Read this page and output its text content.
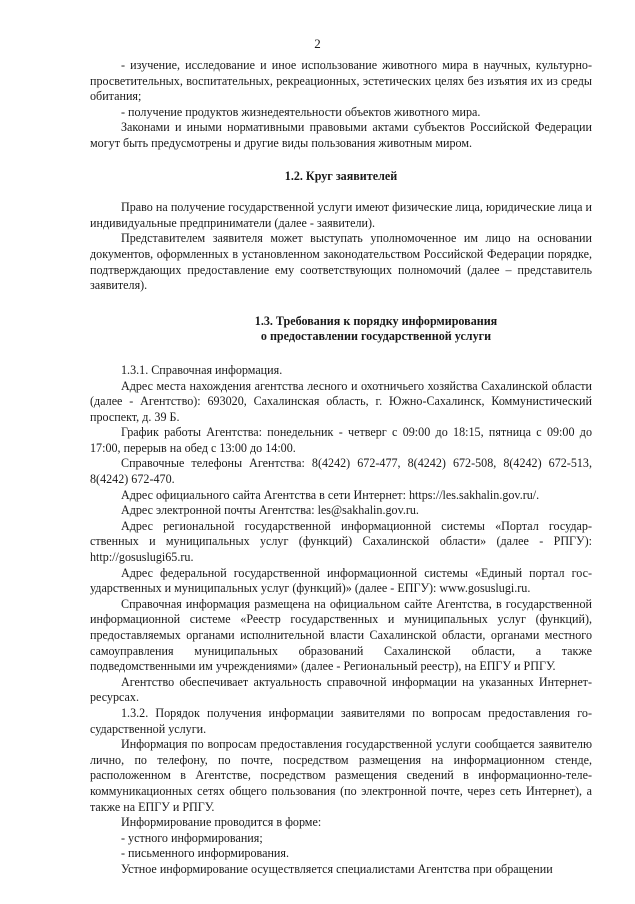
2

- изучение, исследование и иное использование животного мира в научных, культурно-просветительных, воспитательных, рекреационных, эстетических целях без изъятия их из среды обитания;

- получение продуктов жизнедеятельности объектов животного мира.

Законами и иными нормативными правовыми актами субъектов Российской Федерации могут быть предусмотрены и другие виды пользования животным миром.

1.2. Круг заявителей

Право на получение государственной услуги имеют физические лица, юридические лица и индивидуальные предприниматели (далее - заявители).

Представителем заявителя может выступать уполномоченное им лицо на основании документов, оформленных в установленном законодательством Российской Федерации порядке, подтверждающих предоставление ему соответствующих полномочий (далее – представитель заявителя).

1.3. Требования к порядку информирования
о предоставлении государственной услуги

1.3.1. Справочная информация.

Адрес места нахождения агентства лесного и охотничьего хозяйства Сахалинской области (далее - Агентство): 693020, Сахалинская область, г. Южно-Сахалинск, Коммунистический проспект, д. 39 Б.

График работы Агентства: понедельник - четверг с 09:00 до 18:15, пятница с 09:00 до 17:00, перерыв на обед с 13:00 до 14:00.

Справочные телефоны Агентства: 8(4242) 672-477, 8(4242) 672-508, 8(4242) 672-513, 8(4242) 672-470.

Адрес официального сайта Агентства в сети Интернет: https://les.sakhalin.gov.ru/.

Адрес электронной почты Агентства: les@sakhalin.gov.ru.

Адрес региональной государственной информационной системы «Портал государственных и муниципальных услуг (функций) Сахалинской области» (далее - РПГУ): http://gosuslugi65.ru.

Адрес федеральной государственной информационной системы «Единый портал государственных и муниципальных услуг (функций)» (далее - ЕПГУ): www.gosuslugi.ru.

Справочная информация размещена на официальном сайте Агентства, в государственной информационной системе «Реестр государственных и муниципальных услуг (функций), предоставляемых органами исполнительной власти Сахалинской области, органами местного самоуправления муниципальных образований Сахалинской области, а также подведомственными им учреждениями» (далее - Региональный реестр), на ЕПГУ и РПГУ.

Агентство обеспечивает актуальность справочной информации на указанных Интернет-ресурсах.

1.3.2. Порядок получения информации заявителями по вопросам предоставления государственной услуги.

Информация по вопросам предоставления государственной услуги сообщается заявителю лично, по телефону, по почте, посредством размещения на информационном стенде, расположенном в Агентстве, посредством размещения сведений в информационно-телекоммуникационных сетях общего пользования (по электронной почте, через сеть Интернет), а также на ЕПГУ и РПГУ.

Информирование проводится в форме:

- устного информирования;

- письменного информирования.

Устное информирование осуществляется специалистами Агентства при обращении
